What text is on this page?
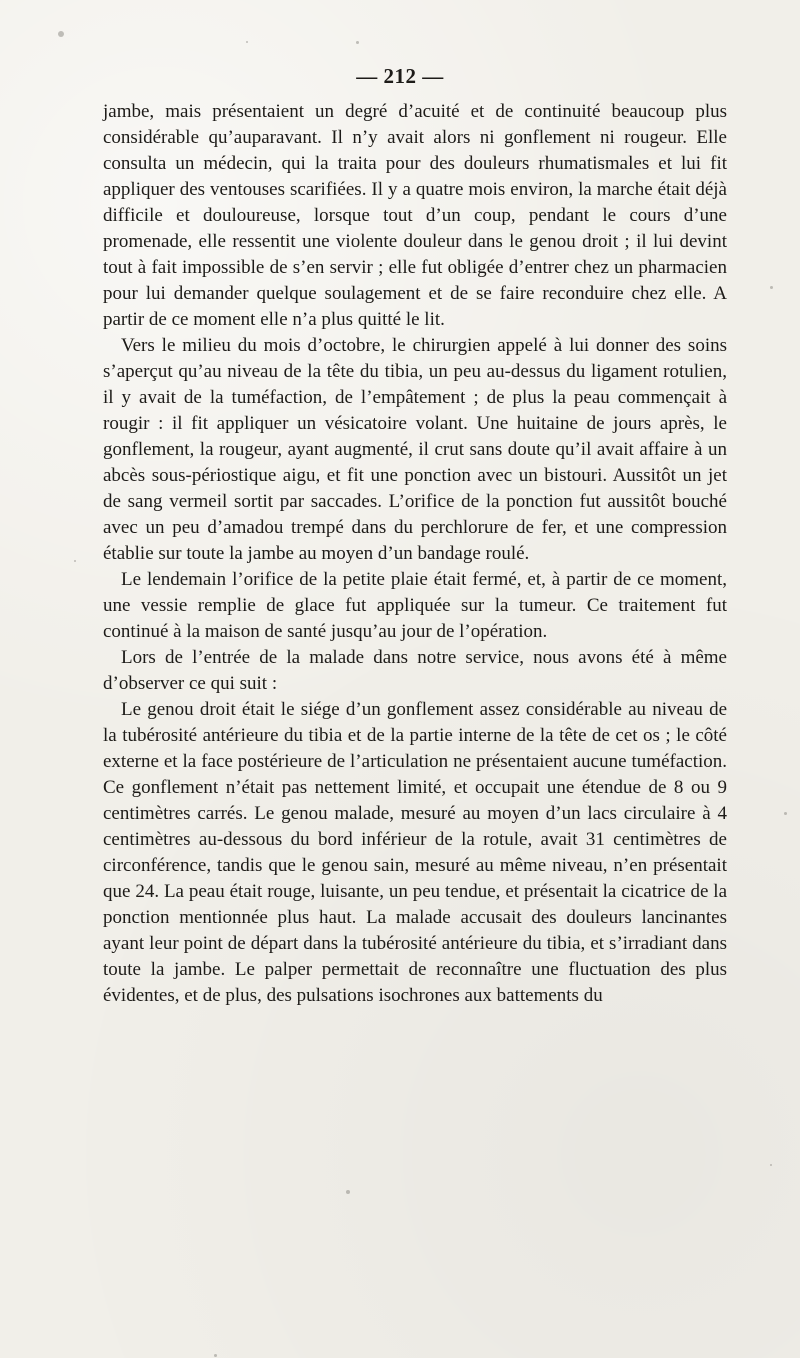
— 212 —

jambe, mais présentaient un degré d’acuité et de continuité beaucoup plus considérable qu’auparavant. Il n’y avait alors ni gonflement ni rougeur. Elle consulta un médecin, qui la traita pour des douleurs rhumatismales et lui fit appliquer des ventouses scarifiées. Il y a quatre mois environ, la marche était déjà difficile et douloureuse, lorsque tout d’un coup, pendant le cours d’une promenade, elle ressentit une violente douleur dans le genou droit ; il lui devint tout à fait impossible de s’en servir ; elle fut obligée d’entrer chez un pharmacien pour lui demander quelque soulagement et de se faire reconduire chez elle. A partir de ce moment elle n’a plus quitté le lit.

Vers le milieu du mois d’octobre, le chirurgien appelé à lui donner des soins s’aperçut qu’au niveau de la tête du tibia, un peu au-dessus du ligament rotulien, il y avait de la tuméfaction, de l’empâtement ; de plus la peau commençait à rougir : il fit appliquer un vésicatoire volant. Une huitaine de jours après, le gonflement, la rougeur, ayant augmenté, il crut sans doute qu’il avait affaire à un abcès sous-périostique aigu, et fit une ponction avec un bistouri. Aussitôt un jet de sang vermeil sortit par saccades. L’orifice de la ponction fut aussitôt bouché avec un peu d’amadou trempé dans du perchlorure de fer, et une compression établie sur toute la jambe au moyen d’un bandage roulé.

Le lendemain l’orifice de la petite plaie était fermé, et, à partir de ce moment, une vessie remplie de glace fut appliquée sur la tumeur. Ce traitement fut continué à la maison de santé jusqu’au jour de l’opération.

Lors de l’entrée de la malade dans notre service, nous avons été à même d’observer ce qui suit :

Le genou droit était le siége d’un gonflement assez considérable au niveau de la tubérosité antérieure du tibia et de la partie interne de la tête de cet os ; le côté externe et la face postérieure de l’articulation ne présentaient aucune tuméfaction. Ce gonflement n’était pas nettement limité, et occupait une étendue de 8 ou 9 centimètres carrés. Le genou malade, mesuré au moyen d’un lacs circulaire à 4 centimètres au-dessous du bord inférieur de la rotule, avait 31 centimètres de circonférence, tandis que le genou sain, mesuré au même niveau, n’en présentait que 24. La peau était rouge, luisante, un peu tendue, et présentait la cicatrice de la ponction mentionnée plus haut. La malade accusait des douleurs lancinantes ayant leur point de départ dans la tubérosité antérieure du tibia, et s’irradiant dans toute la jambe. Le palper permettait de reconnaître une fluctuation des plus évidentes, et de plus, des pulsations isochrones aux battements du
